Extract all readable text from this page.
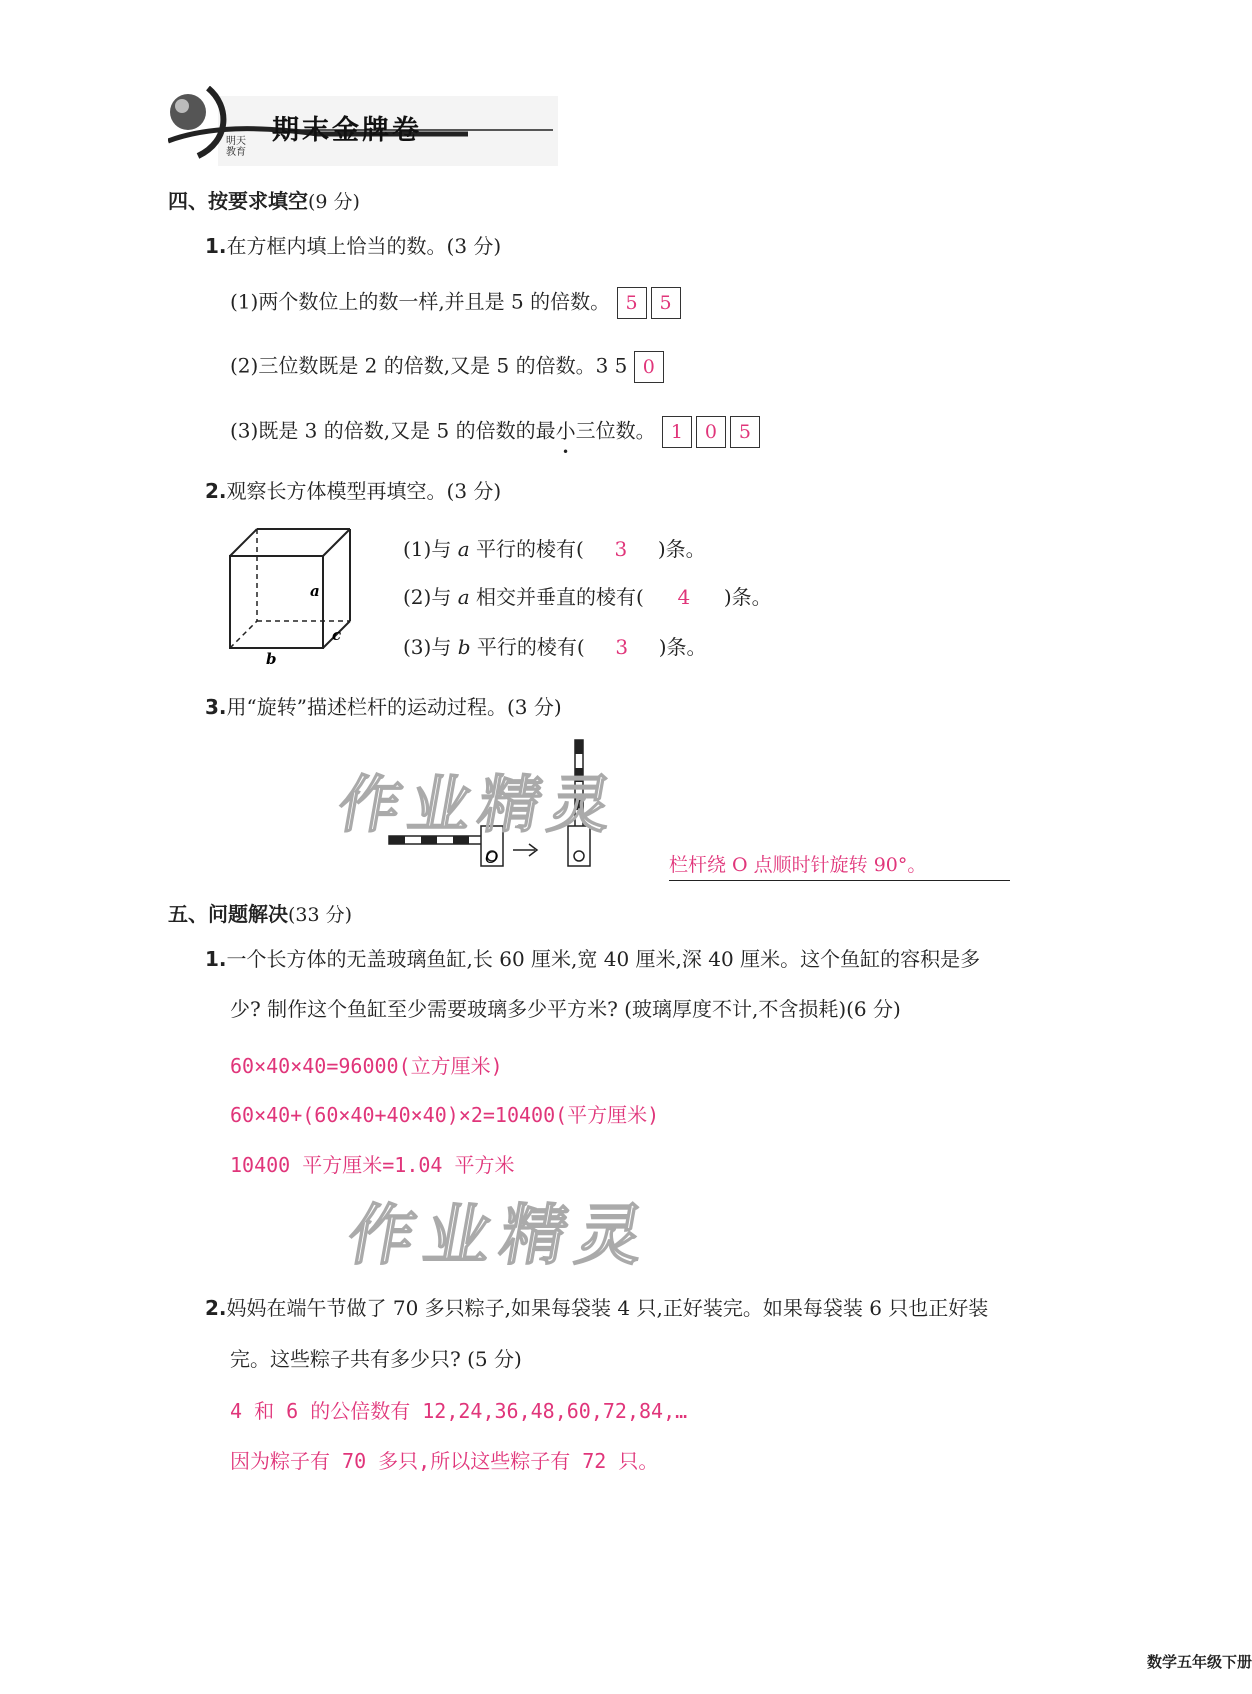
明天教育
期末金牌卷
四、按要求填空(9 分)
1.在方框内填上恰当的数。(3 分)
(1)两个数位上的数一样,并且是 5 的倍数。 5 5
(2)三位数既是 2 的倍数,又是 5 的倍数。3 5 0
(3)既是 3 的倍数,又是 5 的倍数的最小三位数。 1 0 5
2.观察长方体模型再填空。(3 分)
a
c
b
(1)与 a 平行的棱有( 3 )条。
(2)与 a 相交并垂直的棱有( 4 )条。
(3)与 b 平行的棱有( 3 )条。
3.用“旋转”描述栏杆的运动过程。(3 分)
O	栏杆绕 O 点顺时针旋转 90°。
五、问题解决(33 分)
1.一个长方体的无盖玻璃鱼缸,长 60 厘米,宽 40 厘米,深 40 厘米。这个鱼缸的容积是多
少? 制作这个鱼缸至少需要玻璃多少平方米? (玻璃厚度不计,不含损耗)(6 分)
60×40×40=96000(立方厘米)
60×40+(60×40+40×40)×2=10400(平方厘米)
10400 平方厘米=1.04 平方米
2.妈妈在端午节做了 70 多只粽子,如果每袋装 4 只,正好装完。如果每袋装 6 只也正好装
完。这些粽子共有多少只? (5 分)
4 和 6 的公倍数有 12,24,36,48,60,72,84,…
因为粽子有 70 多只,所以这些粽子有 72 只。
作业精灵
作业精灵
数学五年级下册
